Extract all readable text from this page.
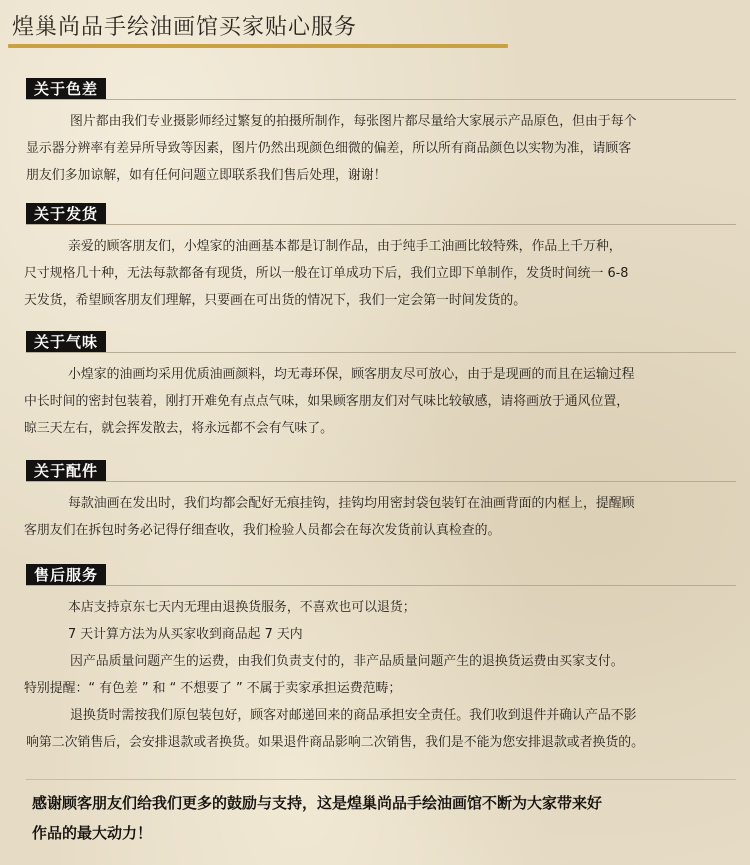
煌巢尚品手绘油画馆买家贴心服务
关于色差

图片都由我们专业摄影师经过繁复的拍摄所制作，每张图片都尽量给大家展示产品原色，但由于每个
显示器分辨率有差异所导致等因素，图片仍然出现颜色细微的偏差，所以所有商品颜色以实物为准，请顾客
朋友们多加谅解，如有任何问题立即联系我们售后处理，谢谢！

关于发货

亲爱的顾客朋友们，小煌家的油画基本都是订制作品，由于纯手工油画比较特殊，作品上千万种，
尺寸规格几十种，无法每款都备有现货，所以一般在订单成功下后，我们立即下单制作，发货时间统一 6-8
天发货，希望顾客朋友们理解，只要画在可出货的情况下，我们一定会第一时间发货的。

关于气味

小煌家的油画均采用优质油画颜料，均无毒环保，顾客朋友尽可放心，由于是现画的而且在运输过程
中长时间的密封包装着，刚打开难免有点点气味，如果顾客朋友们对气味比较敏感，请将画放于通风位置，
晾三天左右，就会挥发散去，将永远都不会有气味了。

关于配件

每款油画在发出时，我们均都会配好无痕挂钩，挂钩均用密封袋包装钉在油画背面的内框上，提醒顾
客朋友们在拆包时务必记得仔细查收，我们检验人员都会在每次发货前认真检查的。

售后服务

本店支持京东七天内无理由退换货服务，不喜欢也可以退货；
7 天计算方法为从买家收到商品起 7 天内
因产品质量问题产生的运费，由我们负责支付的，非产品质量问题产生的退换货运费由买家支付。
特别提醒：“ 有色差 ” 和 “ 不想要了 ” 不属于卖家承担运费范畴；
退换货时需按我们原包装包好，顾客对邮递回来的商品承担安全责任。我们收到退件并确认产品不影
响第二次销售后，会安排退款或者换货。如果退件商品影响二次销售，我们是不能为您安排退款或者换货的。

感谢顾客朋友们给我们更多的鼓励与支持，这是煌巢尚品手绘油画馆不断为大家带来好
作品的最大动力！
